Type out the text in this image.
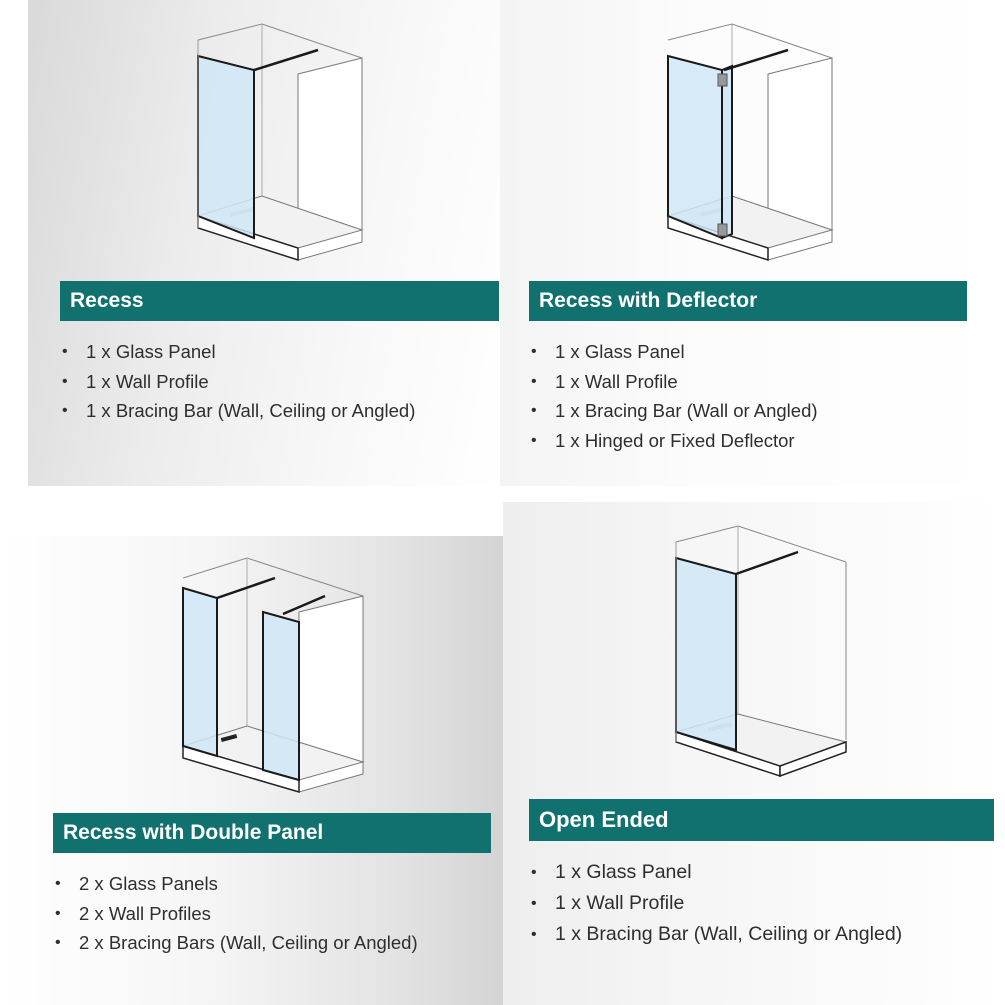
Recess
• 1 x Glass Panel
• 1 x Wall Profile
• 1 x Bracing Bar (Wall, Ceiling or Angled)
Recess with Deflector
• 1 x Glass Panel
• 1 x Wall Profile
• 1 x Bracing Bar (Wall or Angled)
• 1 x Hinged or Fixed Deflector
Recess with Double Panel
• 2 x Glass Panels
• 2 x Wall Profiles
• 2 x Bracing Bars (Wall, Ceiling or Angled)
Open Ended
• 1 x Glass Panel
• 1 x Wall Profile
• 1 x Bracing Bar (Wall, Ceiling or Angled)
